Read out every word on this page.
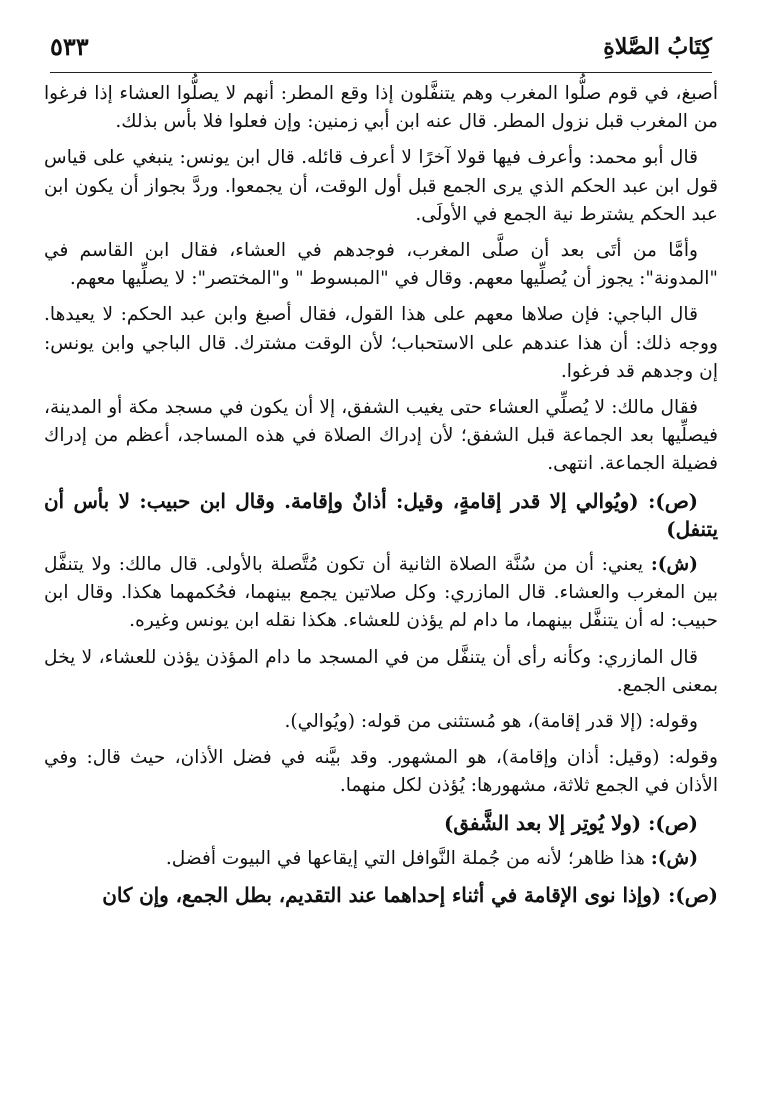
كِتَابُ الصَّلاةِ
٥٣٣

أصبغ، في قوم صلُّوا المغرب وهم يتنفَّلون إذا وقع المطر: أنهم لا يصلُّوا العشاء إذا فرغوا من المغرب قبل نزول المطر. قال عنه ابن أبي زمنين: وإن فعلوا فلا بأس بذلك.

قال أبو محمد: وأعرف فيها قولا آخرًا لا أعرف قائله. قال ابن يونس: ينبغي على قياس قول ابن عبد الحكم الذي يرى الجمع قبل أول الوقت، أن يجمعوا. وردَّ بجواز أن يكون ابن عبد الحكم يشترط نية الجمع في الأولَى.

وأمَّا من أتَى بعد أن صلَّى المغرب، فوجدهم في العشاء، فقال ابن القاسم في "المدونة": يجوز أن يُصلِّيها معهم. وقال في "المبسوط " و"المختصر": لا يصلِّيها معهم.

قال الباجي: فإن صلاها معهم على هذا القول، فقال أصبغ وابن عبد الحكم: لا يعيدها. ووجه ذلك: أن هذا عندهم على الاستحباب؛ لأن الوقت مشترك. قال الباجي وابن يونس: إن وجدهم قد فرغوا.

فقال مالك: لا يُصلِّي العشاء حتى يغيب الشفق، إلا أن يكون في مسجد مكة أو المدينة، فيصلِّيها بعد الجماعة قبل الشفق؛ لأن إدراك الصلاة في هذه المساجد، أعظم من إدراك فضيلة الجماعة. انتهى.

(ص): (ويُوالي إلا قدر إقامةٍ، وقيل: أذانٌ وإقامة. وقال ابن حبيب: لا بأس أن يتنفل)

(ش): يعني: أن من سُنَّة الصلاة الثانية أن تكون مُتَّصلة بالأولى. قال مالك: ولا يتنفَّل بين المغرب والعشاء. قال المازري: وكل صلاتين يجمع بينهما، فحُكمهما هكذا. وقال ابن حبيب: له أن يتنفَّل بينهما، ما دام لم يؤذن للعشاء. هكذا نقله ابن يونس وغيره.

قال المازري: وكأنه رأى أن يتنفَّل من في المسجد ما دام المؤذن يؤذن للعشاء، لا يخل بمعنى الجمع.

وقوله: (إلا قدر إقامة)، هو مُستثنى من قوله: (ويُوالي).

وقوله: (وقيل: أذان وإقامة)، هو المشهور. وقد بيَّنه في فضل الأذان، حيث قال: وفي الأذان في الجمع ثلاثة، مشهورها: يُؤذن لكل منهما.

(ص): (ولا يُوتِر إلا بعد الشَّفق)

(ش): هذا ظاهر؛ لأنه من جُملة النَّوافل التي إيقاعها في البيوت أفضل.

(ص): (وإذا نوى الإقامة في أثناء إحداهما عند التقديم، بطل الجمع، وإن كان
